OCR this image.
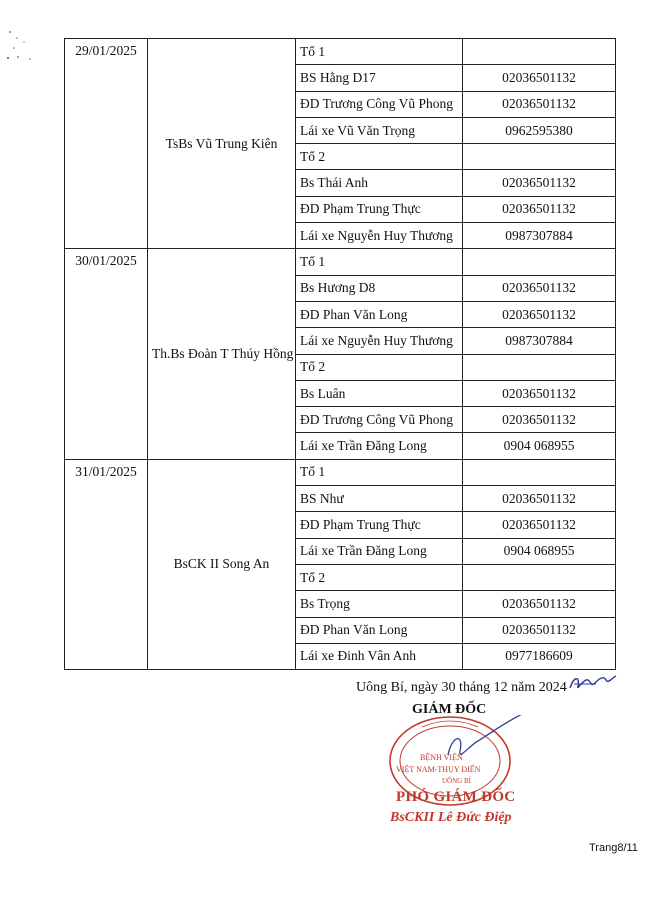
29/01/2025	TsBs Vũ Trung Kiên	Tổ 1	
		BS Hằng D17	02036501132
		ĐD Trương Công Vũ Phong	02036501132
		Lái xe Vũ Văn Trọng	0962595380
		Tổ 2	
		Bs Thái Anh	02036501132
		ĐD Phạm Trung Thực	02036501132
		Lái xe Nguyễn Huy Thương	0987307884
30/01/2025	Th.Bs Đoàn T Thúy Hồng	Tổ 1	
		Bs Hương D8	02036501132
		ĐD Phan Văn Long	02036501132
		Lái xe Nguyễn Huy Thương	0987307884
		Tổ 2	
		Bs Luân	02036501132
		ĐD Trương Công Vũ Phong	02036501132
		Lái xe Trần Đăng Long	0904 068955
31/01/2025	BsCK II Song An	Tổ 1	
		BS Như	02036501132
		ĐD Phạm Trung Thực	02036501132
		Lái xe Trần Đăng Long	0904 068955
		Tổ 2	
		Bs Trọng	02036501132
		ĐD Phan Văn Long	02036501132
		Lái xe Đinh Vân Anh	0977186609
Uông Bí, ngày 30 tháng 12 năm 2024
GIÁM ĐỐC
BỆNH VIỆN
VIỆT NAM-THỤY ĐIỂN
UÔNG BÍ
PHÓ GIÁM ĐỐC
BsCKII Lê Đức Điệp
Trang8/11
